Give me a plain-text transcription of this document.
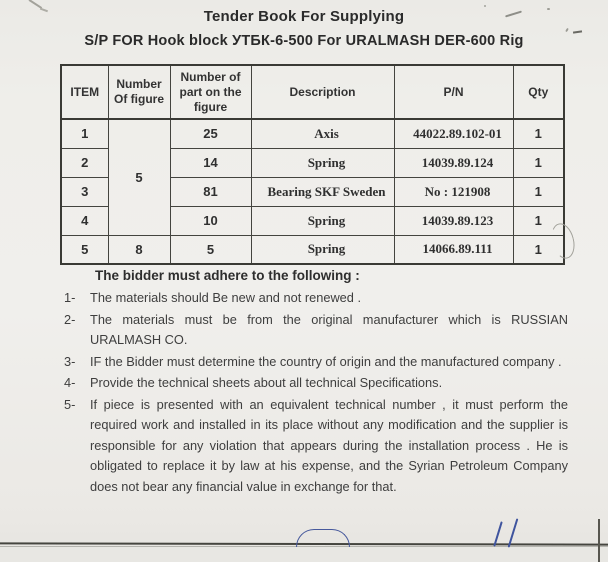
Tender Book For Supplying
S/P FOR Hook block УТБК-6-500 For URALMASH DER-600 Rig
ITEM	Number Of figure	Number of part on the figure	Description	P/N	Qty
1	5	25	Axis	44022.89.102-01	1
2		14	Spring	14039.89.124	1
3		81	Bearing SKF Sweden	No : 121908	1
4		10	Spring	14039.89.123	1
5	8	5	Spring	14066.89.111	1
The bidder must adhere to the following :
1-	The materials should Be new and not renewed .
2-	The materials must be from the original manufacturer which is RUSSIAN URALMASH CO.
3-	IF the Bidder must determine the country of origin and the manufactured company .
4-	Provide the technical sheets about all technical Specifications.
5-	If piece is presented with an equivalent technical number , it must perform the required work and installed in its place without any modification and the supplier is responsible for any violation that appears during the installation process . He is obligated to replace it by law at his expense, and the Syrian Petroleum Company does not bear any financial value in exchange for that.
